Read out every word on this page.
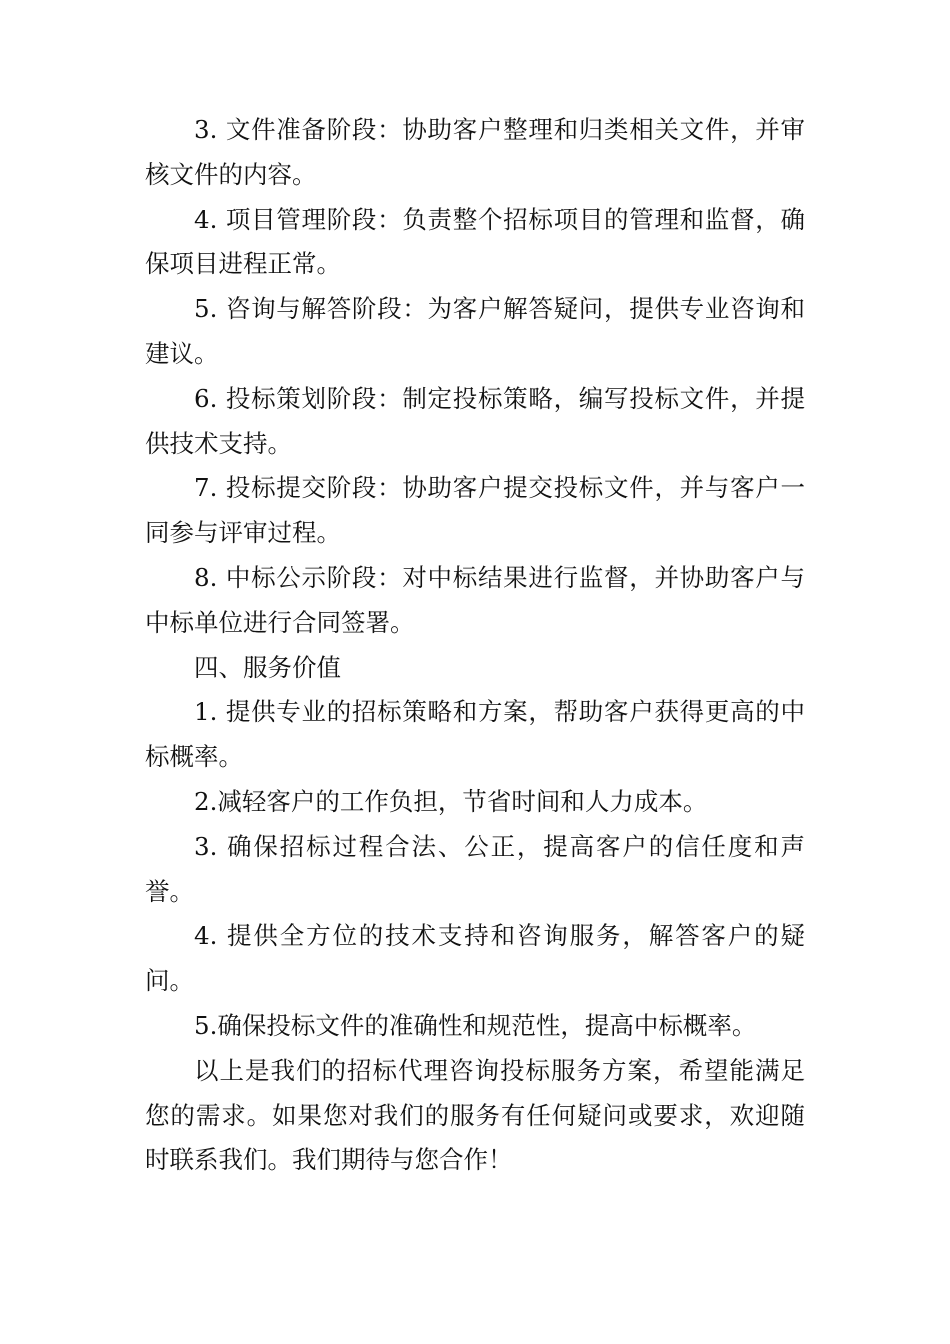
3. 文件准备阶段：协助客户整理和归类相关文件，并审核文件的内容。

4. 项目管理阶段：负责整个招标项目的管理和监督，确保项目进程正常。

5. 咨询与解答阶段：为客户解答疑问，提供专业咨询和建议。

6. 投标策划阶段：制定投标策略，编写投标文件，并提供技术支持。

7. 投标提交阶段：协助客户提交投标文件，并与客户一同参与评审过程。

8. 中标公示阶段：对中标结果进行监督，并协助客户与中标单位进行合同签署。

四、服务价值

1. 提供专业的招标策略和方案，帮助客户获得更高的中标概率。

2.减轻客户的工作负担，节省时间和人力成本。

3. 确保招标过程合法、公正，提高客户的信任度和声誉。

4. 提供全方位的技术支持和咨询服务，解答客户的疑问。

5.确保投标文件的准确性和规范性，提高中标概率。

以上是我们的招标代理咨询投标服务方案，希望能满足您的需求。如果您对我们的服务有任何疑问或要求，欢迎随时联系我们。我们期待与您合作！
